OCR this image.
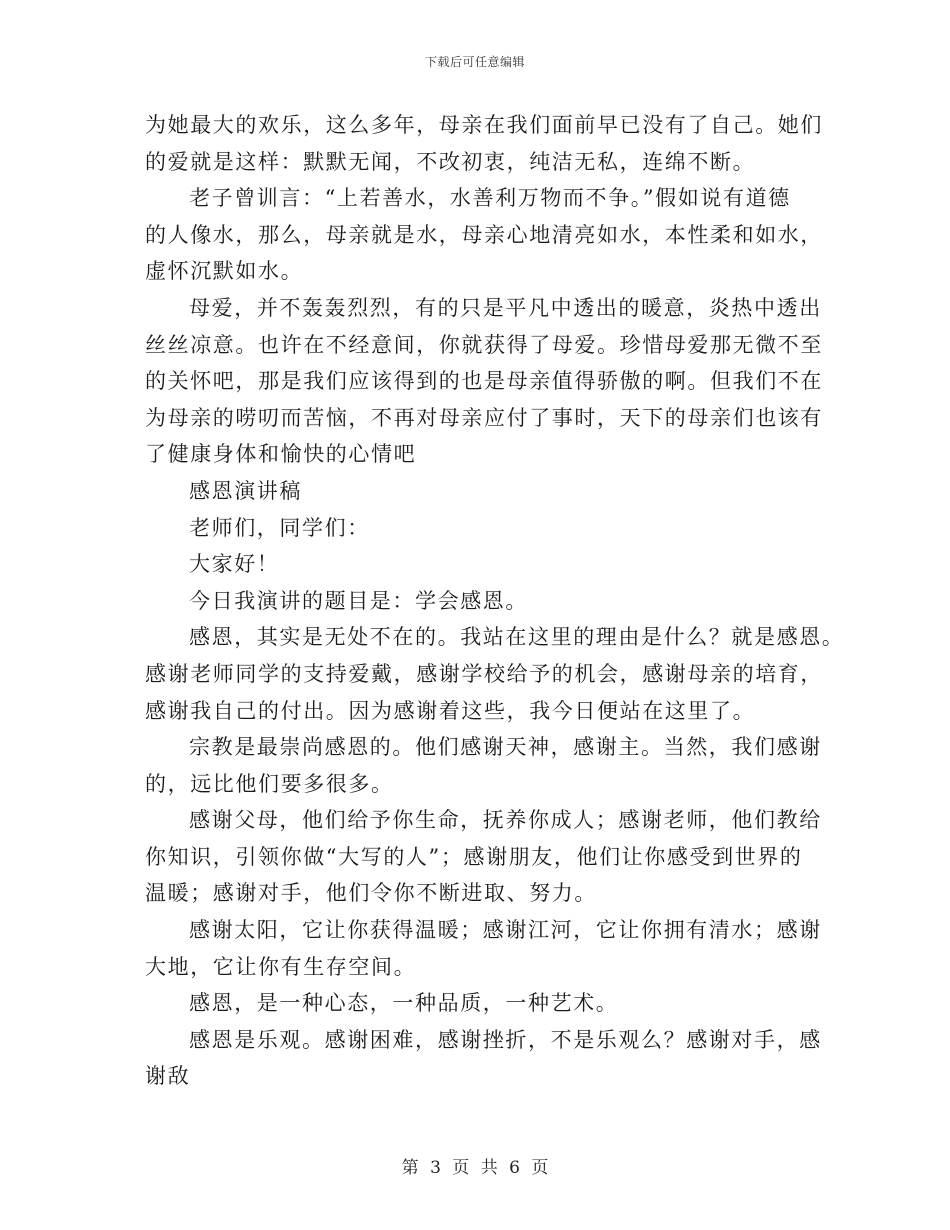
下载后可任意编辑
为她最大的欢乐，这么多年，母亲在我们面前早已没有了自己。她们
的爱就是这样：默默无闻，不改初衷，纯洁无私，连绵不断。
老子曾训言：“上若善水，水善利万物而不争。”假如说有道德
的人像水，那么，母亲就是水，母亲心地清亮如水，本性柔和如水，
虚怀沉默如水。
母爱，并不轰轰烈烈，有的只是平凡中透出的暖意，炎热中透出
丝丝凉意。也许在不经意间，你就获得了母爱。珍惜母爱那无微不至
的关怀吧，那是我们应该得到的也是母亲值得骄傲的啊。但我们不在
为母亲的唠叨而苦恼，不再对母亲应付了事时，天下的母亲们也该有
了健康身体和愉快的心情吧
感恩演讲稿
老师们，同学们：
大家好！
今日我演讲的题目是：学会感恩。
感恩，其实是无处不在的。我站在这里的理由是什么？就是感恩。
感谢老师同学的支持爱戴，感谢学校给予的机会，感谢母亲的培育，
感谢我自己的付出。因为感谢着这些，我今日便站在这里了。
宗教是最崇尚感恩的。他们感谢天神，感谢主。当然，我们感谢
的，远比他们要多很多。
感谢父母，他们给予你生命，抚养你成人；感谢老师，他们教给
你知识，引领你做“大写的人”；感谢朋友，他们让你感受到世界的
温暖；感谢对手，他们令你不断进取、努力。
感谢太阳，它让你获得温暖；感谢江河，它让你拥有清水；感谢
大地，它让你有生存空间。
感恩，是一种心态，一种品质，一种艺术。
感恩是乐观。感谢困难，感谢挫折，不是乐观么？感谢对手，感
谢敌
第 3 页 共 6 页
